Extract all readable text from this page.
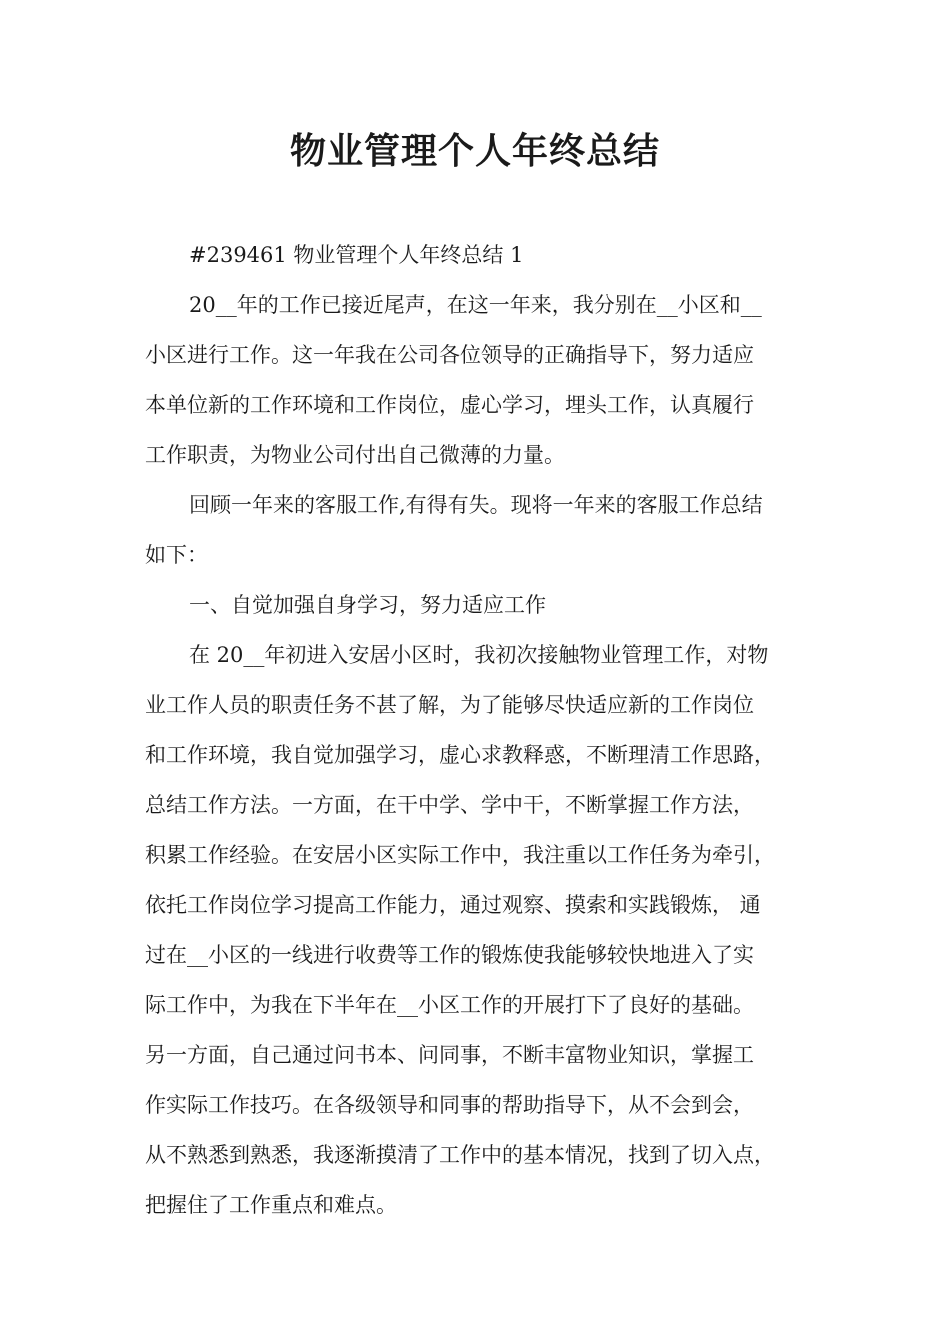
物业管理个人年终总结
#239461 物业管理个人年终总结 1
20__年的工作已接近尾声，在这一年来，我分别在__小区和__
小区进行工作。这一年我在公司各位领导的正确指导下，努力适应
本单位新的工作环境和工作岗位，虚心学习，埋头工作，认真履行
工作职责，为物业公司付出自己微薄的力量。
回顾一年来的客服工作,有得有失。现将一年来的客服工作总结
如下：
一、自觉加强自身学习，努力适应工作
在 20__年初进入安居小区时，我初次接触物业管理工作，对物
业工作人员的职责任务不甚了解，为了能够尽快适应新的工作岗位
和工作环境，我自觉加强学习，虚心求教释惑，不断理清工作思路，
总结工作方法。一方面，在干中学、学中干，不断掌握工作方法，
积累工作经验。在安居小区实际工作中，我注重以工作任务为牵引，
依托工作岗位学习提高工作能力，通过观察、摸索和实践锻炼， 通
过在__小区的一线进行收费等工作的锻炼使我能够较快地进入了实
际工作中，为我在下半年在__小区工作的开展打下了良好的基础。
另一方面，自己通过问书本、问同事，不断丰富物业知识，掌握工
作实际工作技巧。在各级领导和同事的帮助指导下，从不会到会，
从不熟悉到熟悉，我逐渐摸清了工作中的基本情况，找到了切入点，
把握住了工作重点和难点。
